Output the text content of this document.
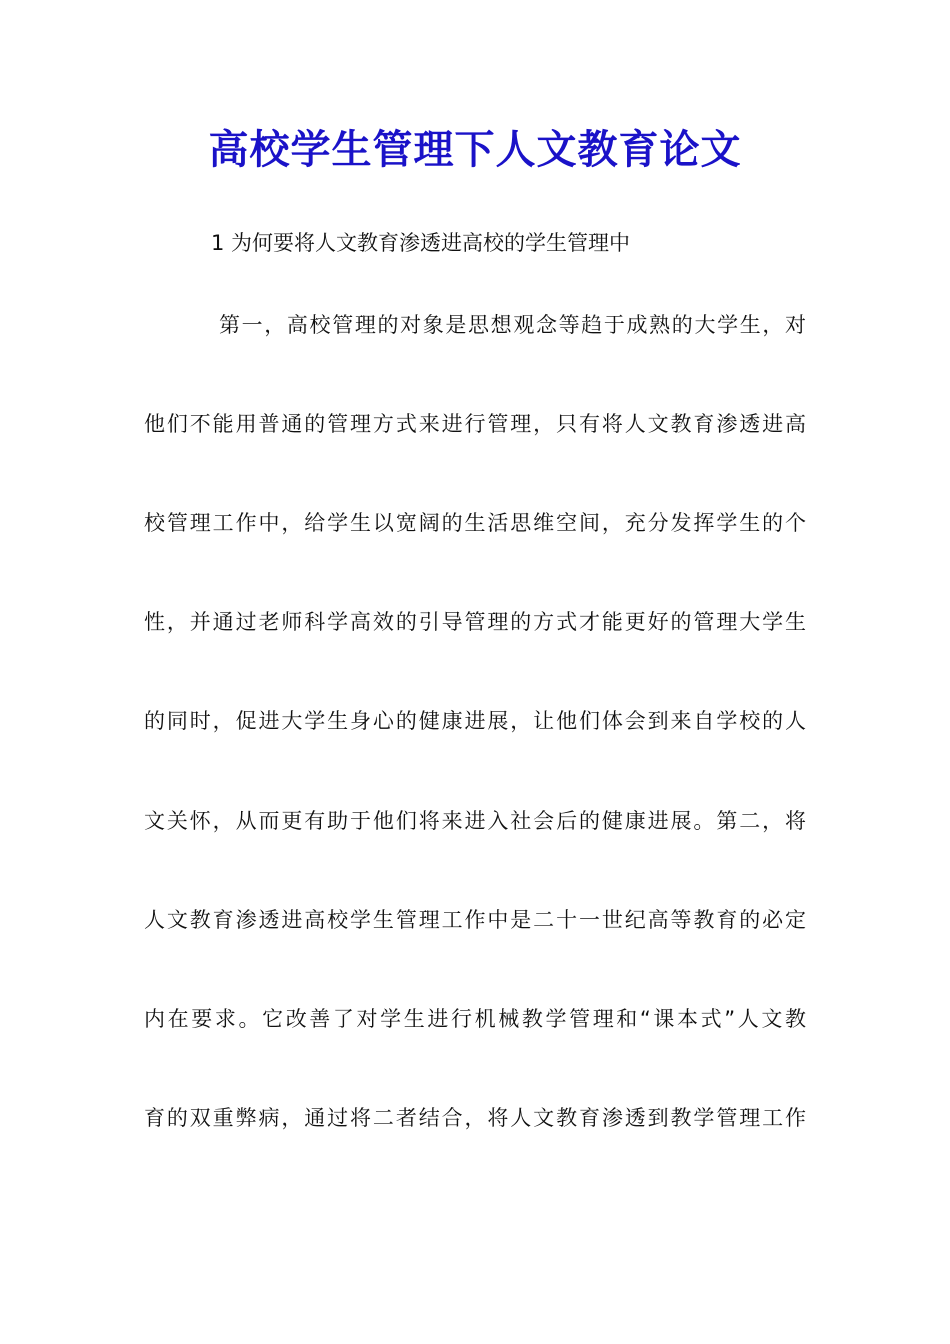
高校学生管理下人文教育论文
1 为何要将人文教育渗透进高校的学生管理中
第一，高校管理的对象是思想观念等趋于成熟的大学生，对
他们不能用普通的管理方式来进行管理，只有将人文教育渗透进高
校管理工作中，给学生以宽阔的生活思维空间，充分发挥学生的个
性，并通过老师科学高效的引导管理的方式才能更好的管理大学生
的同时，促进大学生身心的健康进展，让他们体会到来自学校的人
文关怀，从而更有助于他们将来进入社会后的健康进展。第二，将
人文教育渗透进高校学生管理工作中是二十一世纪高等教育的必定
内在要求。它改善了对学生进行机械教学管理和“课本式”人文教
育的双重弊病，通过将二者结合，将人文教育渗透到教学管理工作
